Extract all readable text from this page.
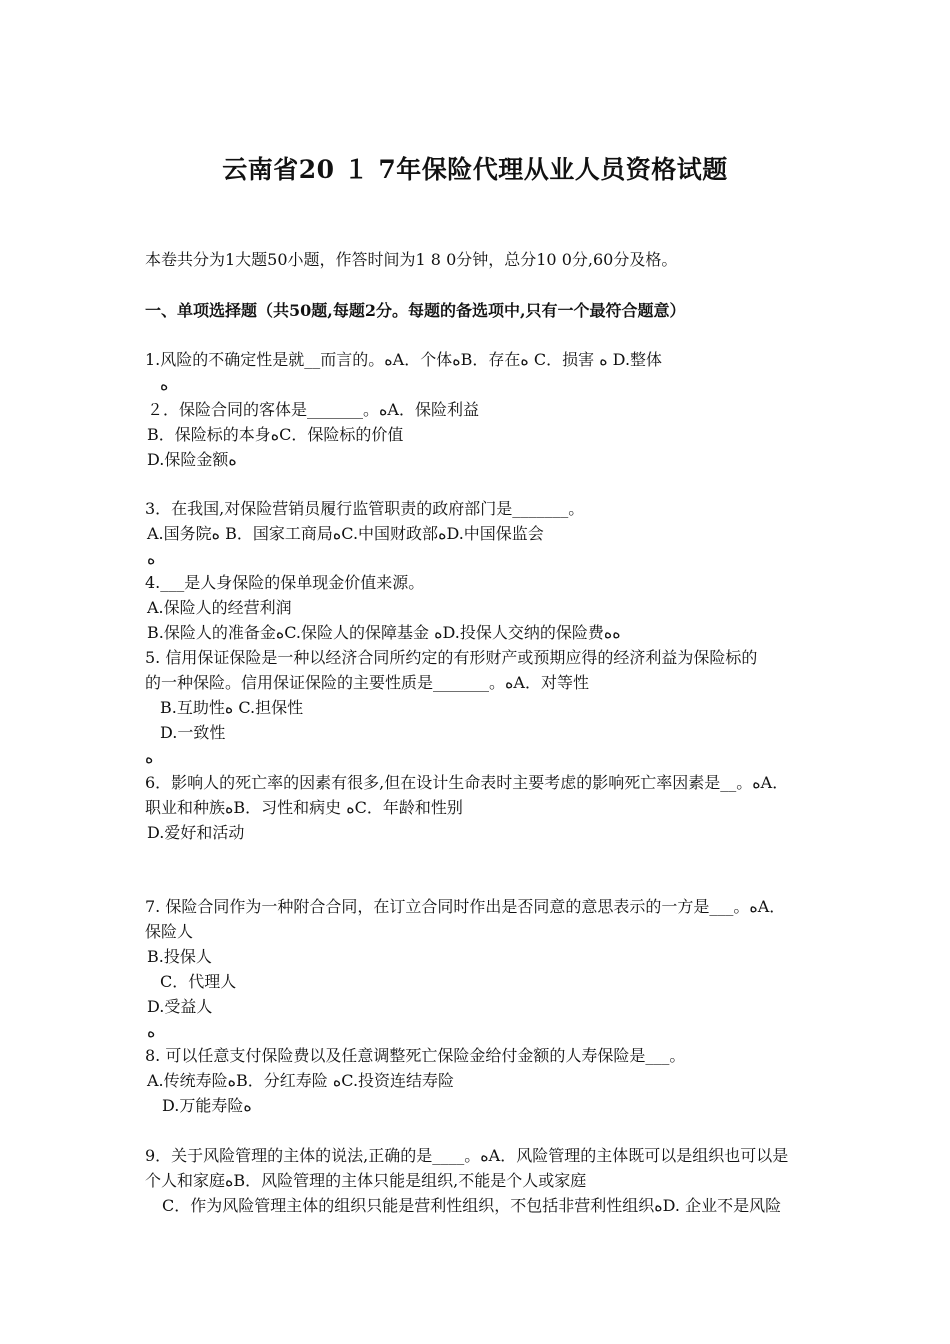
云南省20 １ 7年保险代理从业人员资格试题
本卷共分为1大题50小题，作答时间为1 8 0分钟，总分10 0分,60分及格。
一、单项选择题（共50题,每题2分。每题的备选项中,只有一个最符合题意）
1.风险的不确定性是就__而言的。ﻩA．个体ﻩB．存在ﻩ C．损害 ﻩ D.整体
ﻩ
２．保险合同的客体是_______。ﻩA．保险利益
B．保险标的本身ﻩC．保险标的价值
D.保险金额ﻩ
3．在我国,对保险营销员履行监管职责的政府部门是_______。
A.国务院ﻩ B．国家工商局ﻩC.中国财政部ﻩD.中国保监会
ﻩ
4.___是人身保险的保单现金价值来源。
A.保险人的经营利润
B.保险人的准备金ﻩC.保险人的保障基金 ﻩD.投保人交纳的保险费ﻩﻩ
5. 信用保证保险是一种以经济合同所约定的有形财产或预期应得的经济利益为保险标的
的一种保险。信用保证保险的主要性质是_______。ﻩA．对等性
B.互助性ﻩ C.担保性
D.一致性
ﻩ
6．影响人的死亡率的因素有很多,但在设计生命表时主要考虑的影响死亡率因素是__。ﻩA．
职业和种族ﻩB．习性和病史 ﻩC．年龄和性别
D.爱好和活动
7. 保险合同作为一种附合合同，在订立合同时作出是否同意的意思表示的一方是___。ﻩA．
保险人
B.投保人
C．代理人
D.受益人
ﻩ
8. 可以任意支付保险费以及任意调整死亡保险金给付金额的人寿保险是___。
A.传统寿险ﻩB．分红寿险 ﻩC.投资连结寿险
D.万能寿险ﻩ
9．关于风险管理的主体的说法,正确的是____。ﻩA．风险管理的主体既可以是组织也可以是
个人和家庭ﻩB．风险管理的主体只能是组织,不能是个人或家庭
C．作为风险管理主体的组织只能是营利性组织，不包括非营利性组织ﻩD. 企业不是风险
